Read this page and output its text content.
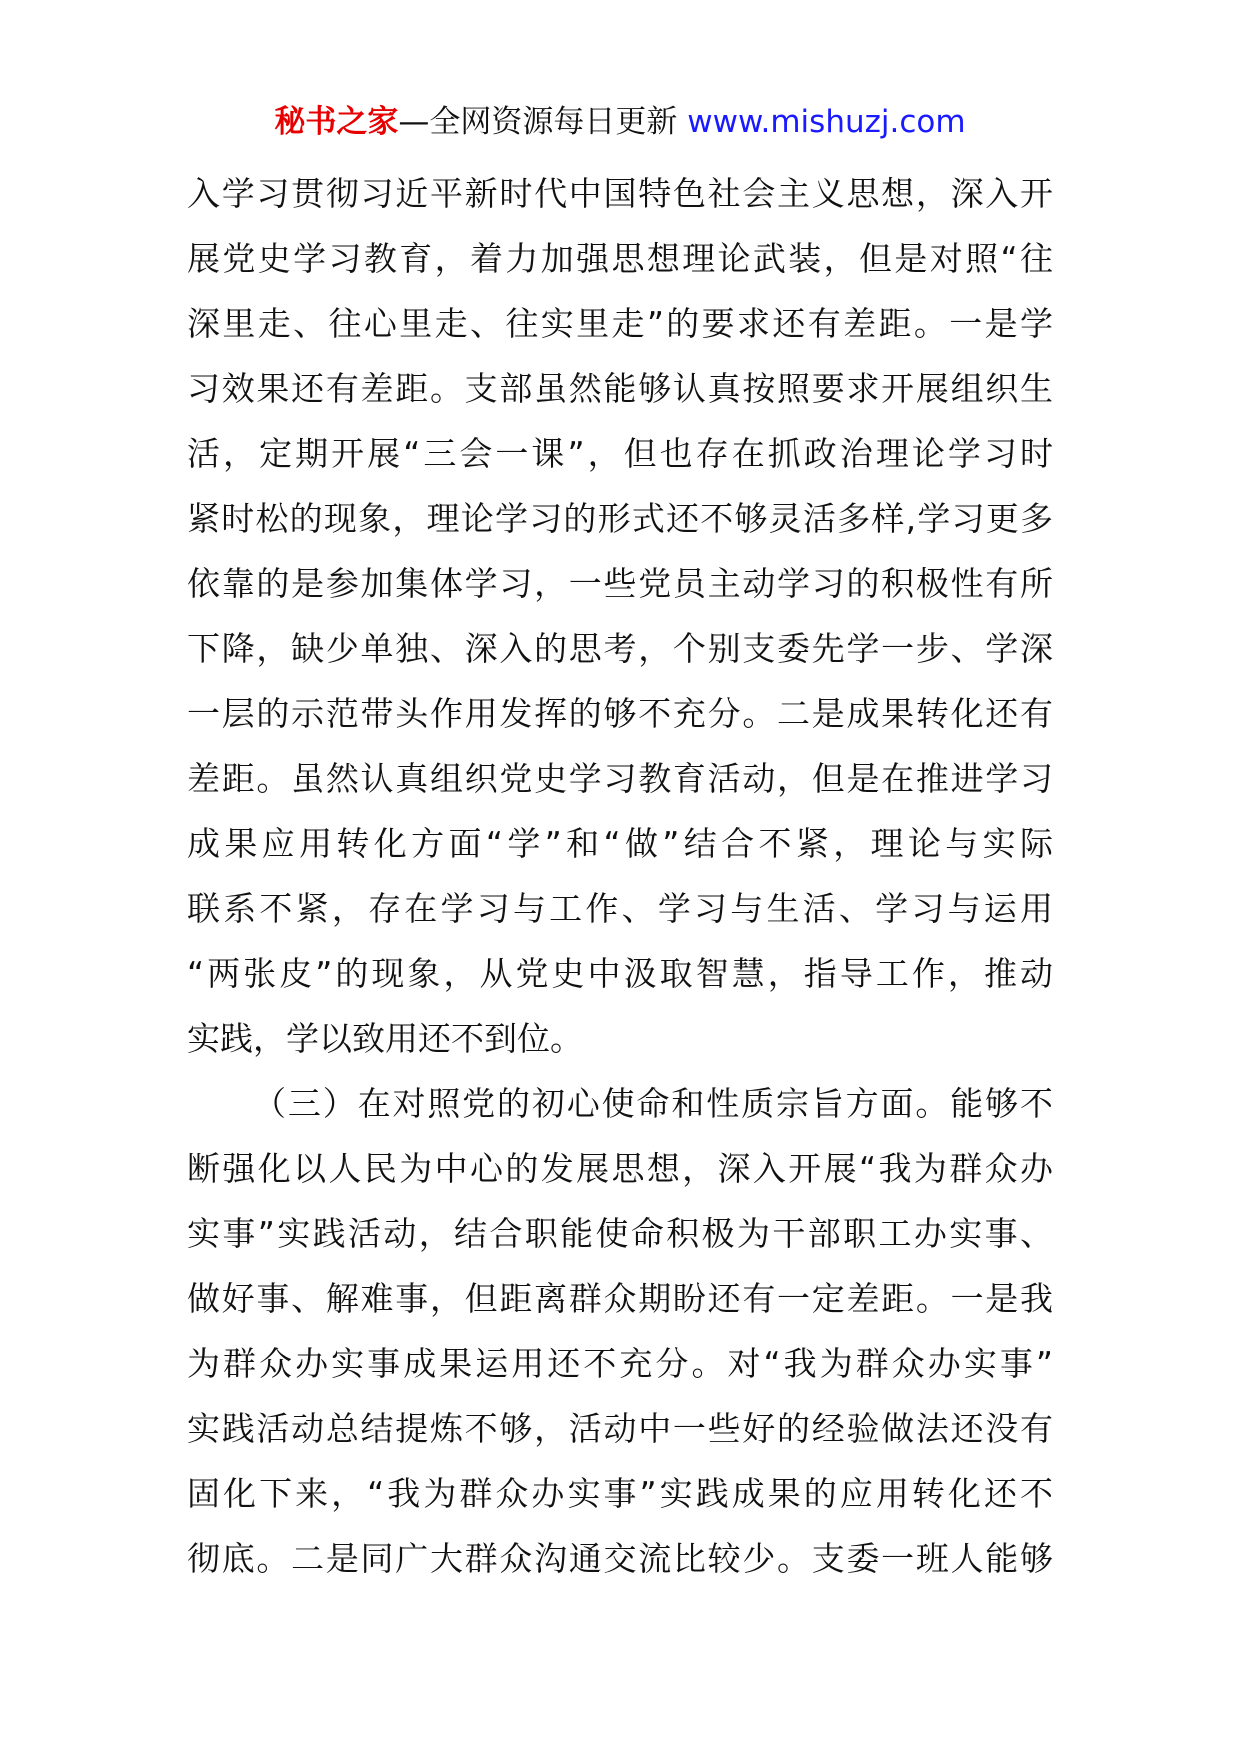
秘书之家—全网资源每日更新 www.mishuzj.com
入学习贯彻习近平新时代中国特色社会主义思想，深入开
展党史学习教育，着力加强思想理论武装，但是对照“往
深里走、往心里走、往实里走”的要求还有差距。一是学
习效果还有差距。支部虽然能够认真按照要求开展组织生
活，定期开展“三会一课”，但也存在抓政治理论学习时
紧时松的现象，理论学习的形式还不够灵活多样,学习更多
依靠的是参加集体学习，一些党员主动学习的积极性有所
下降，缺少单独、深入的思考，个别支委先学一步、学深
一层的示范带头作用发挥的够不充分。二是成果转化还有
差距。虽然认真组织党史学习教育活动，但是在推进学习
成果应用转化方面“学”和“做”结合不紧，理论与实际
联系不紧，存在学习与工作、学习与生活、学习与运用
“两张皮”的现象，从党史中汲取智慧，指导工作，推动
实践，学以致用还不到位。
（三）在对照党的初心使命和性质宗旨方面。能够不
断强化以人民为中心的发展思想，深入开展“我为群众办
实事”实践活动，结合职能使命积极为干部职工办实事、
做好事、解难事，但距离群众期盼还有一定差距。一是我
为群众办实事成果运用还不充分。对“我为群众办实事”
实践活动总结提炼不够，活动中一些好的经验做法还没有
固化下来，“我为群众办实事”实践成果的应用转化还不
彻底。二是同广大群众沟通交流比较少。支委一班人能够
